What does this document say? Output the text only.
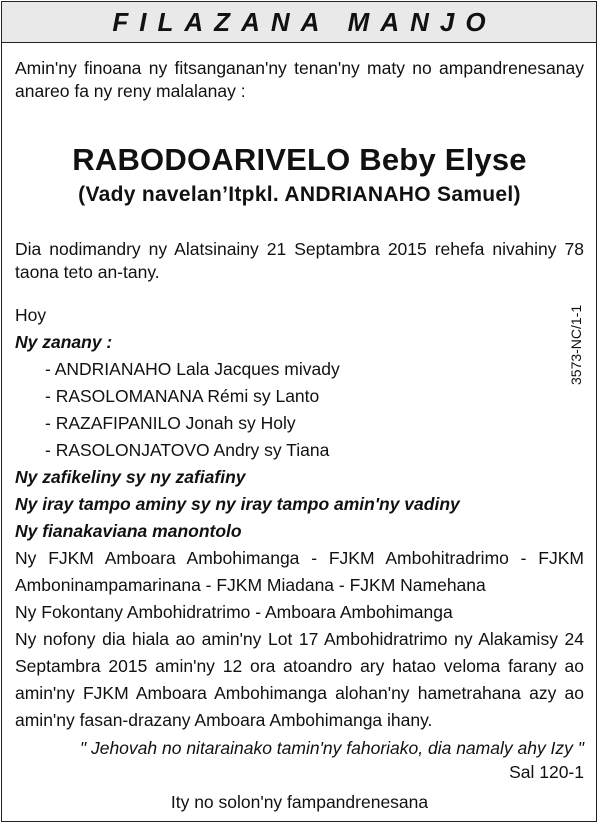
FILAZANA MANJO

Amin'ny finoana ny fitsanganan'ny tenan'ny maty no ampandrenesanay anareo fa ny reny malalanay :

RABODOARIVELO Beby Elyse
(Vady navelan’Itpkl. ANDRIANAHO Samuel)

Dia nodimandry ny Alatsinainy 21 Septambra 2015 rehefa nivahiny 78 taona teto an-tany.

Hoy

Ny zanany :

- ANDRIANAHO Lala Jacques mivady
- RASOLOMANANA Rémi sy Lanto
- RAZAFIPANILO Jonah sy Holy
- RASOLONJATOVO Andry sy Tiana

Ny zafikeliny sy ny zafiafiny

Ny iray tampo aminy sy ny iray tampo amin'ny vadiny

Ny fianakaviana manontolo

Ny FJKM Amboara Ambohimanga - FJKM Ambohitradrimo - FJKM Amboninampamarinana - FJKM Miadana - FJKM Namehana

Ny Fokontany Ambohidratrimo - Amboara Ambohimanga

Ny nofony dia hiala ao amin'ny Lot 17 Ambohidratrimo ny Alakamisy 24 Septambra 2015 amin'ny 12 ora atoandro ary hatao veloma farany ao amin'ny FJKM Amboara Ambohimanga alohan'ny hametrahana azy ao amin'ny fasan-drazany Amboara Ambohimanga ihany.

" Jehovah no nitarainako tamin'ny fahoriako, dia namaly ahy Izy "
Sal 120-1
Ity no solon'ny fampandrenesana
3573-NC/1-1
